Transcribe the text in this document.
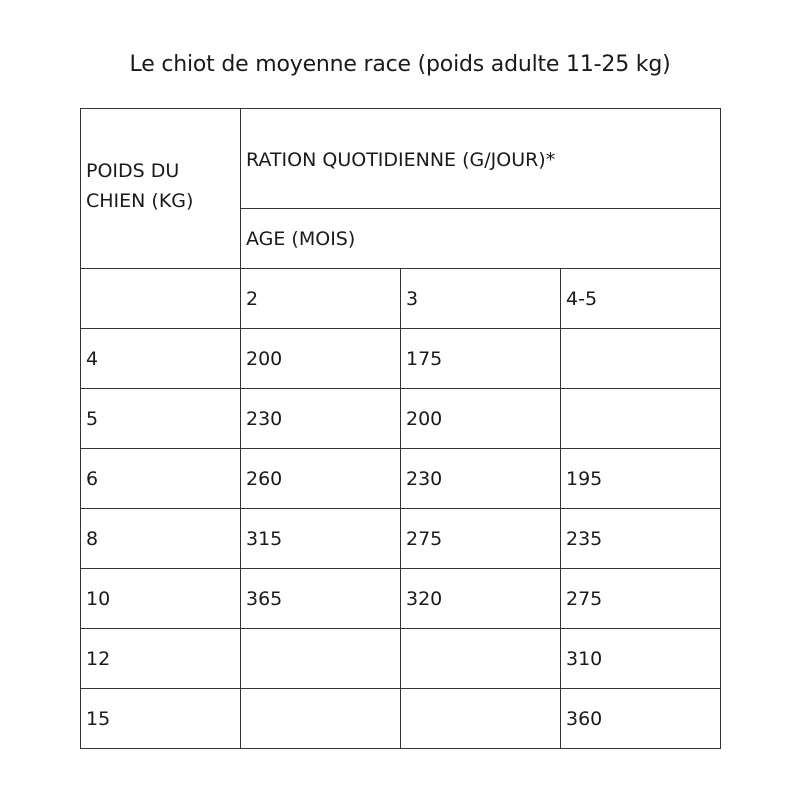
Le chiot de moyenne race (poids adulte 11-25 kg)
POIDS DU CHIEN (KG)	RATION QUOTIDIENNE (G/JOUR)*		

	AGE (MOIS)		
	2	3	4-5
4	200	175	
5	230	200	
6	260	230	195
8	315	275	235
10	365	320	275
12			310
15			360
